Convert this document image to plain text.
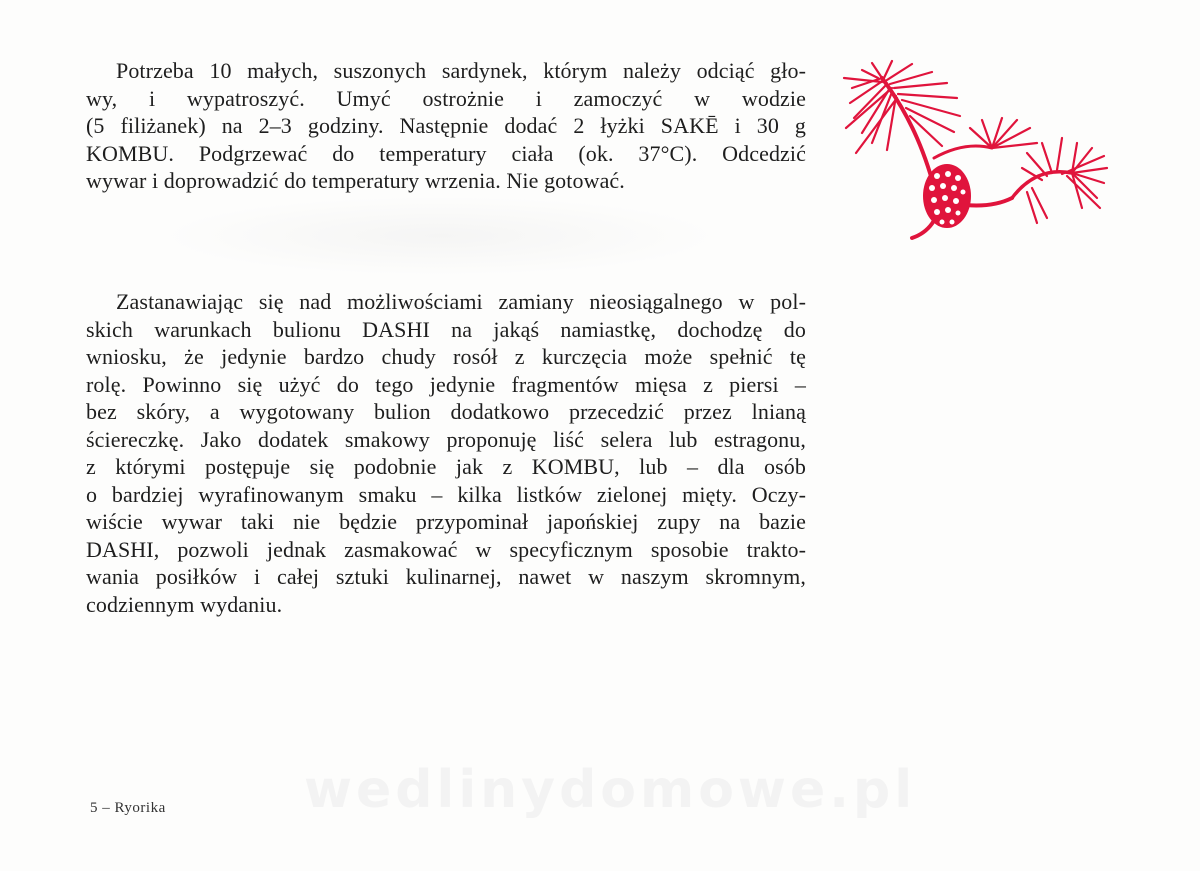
Potrzeba 10 małych, suszonych sardynek, którym należy odciąć gło-
wy, i wypatroszyć. Umyć ostrożnie i zamoczyć w wodzie
(5 filiżanek) na 2–3 godziny. Następnie dodać 2 łyżki SAKĒ i 30 g
KOMBU. Podgrzewać do temperatury ciała (ok. 37°C). Odcedzić
wywar i doprowadzić do temperatury wrzenia. Nie gotować.
Zastanawiając się nad możliwościami zamiany nieosiągalnego w pol-
skich warunkach bulionu DASHI na jakąś namiastkę, dochodzę do
wniosku, że jedynie bardzo chudy rosół z kurczęcia może spełnić tę
rolę. Powinno się użyć do tego jedynie fragmentów mięsa z piersi –
bez skóry, a wygotowany bulion dodatkowo przecedzić przez lnianą
ściereczkę. Jako dodatek smakowy proponuję liść selera lub estragonu,
z którymi postępuje się podobnie jak z KOMBU, lub – dla osób
o bardziej wyrafinowanym smaku – kilka listków zielonej mięty. Oczy-
wiście wywar taki nie będzie przypominał japońskiej zupy na bazie
DASHI, pozwoli jednak zasmakować w specyficznym sposobie trakto-
wania posiłków i całej sztuki kulinarnej, nawet w naszym skromnym,
codziennym wydaniu.
wedlinydomowe.pl
5 – Ryorika
